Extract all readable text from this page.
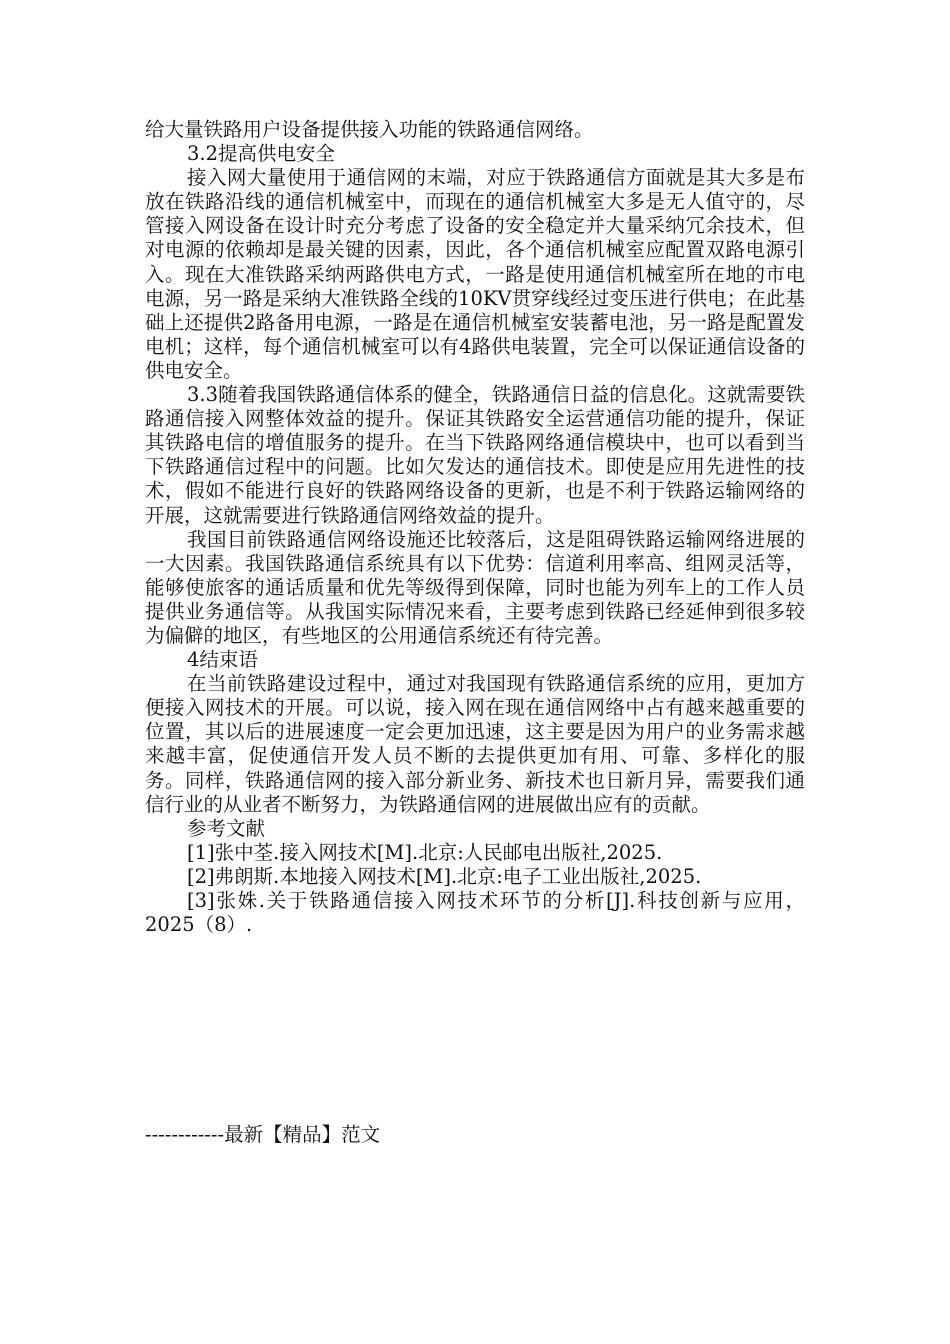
给大量铁路用户设备提供接入功能的铁路通信网络。

3.2提高供电安全

接入网大量使用于通信网的末端，对应于铁路通信方面就是其大多是布放在铁路沿线的通信机械室中，而现在的通信机械室大多是无人值守的，尽管接入网设备在设计时充分考虑了设备的安全稳定并大量采纳冗余技术，但对电源的依赖却是最关键的因素，因此，各个通信机械室应配置双路电源引入。现在大准铁路采纳两路供电方式，一路是使用通信机械室所在地的市电电源，另一路是采纳大准铁路全线的10KV贯穿线经过变压进行供电；在此基础上还提供2路备用电源，一路是在通信机械室安装蓄电池，另一路是配置发电机；这样，每个通信机械室可以有4路供电装置，完全可以保证通信设备的供电安全。

3.3随着我国铁路通信体系的健全，铁路通信日益的信息化。这就需要铁路通信接入网整体效益的提升。保证其铁路安全运营通信功能的提升，保证其铁路电信的增值服务的提升。在当下铁路网络通信模块中，也可以看到当下铁路通信过程中的问题。比如欠发达的通信技术。即使是应用先进性的技术，假如不能进行良好的铁路网络设备的更新，也是不利于铁路运输网络的开展，这就需要进行铁路通信网络效益的提升。

我国目前铁路通信网络设施还比较落后，这是阻碍铁路运输网络进展的一大因素。我国铁路通信系统具有以下优势：信道利用率高、组网灵活等，能够使旅客的通话质量和优先等级得到保障，同时也能为列车上的工作人员提供业务通信等。从我国实际情况来看，主要考虑到铁路已经延伸到很多较为偏僻的地区，有些地区的公用通信系统还有待完善。

4结束语

在当前铁路建设过程中，通过对我国现有铁路通信系统的应用，更加方便接入网技术的开展。可以说，接入网在现在通信网络中占有越来越重要的位置，其以后的进展速度一定会更加迅速，这主要是因为用户的业务需求越来越丰富，促使通信开发人员不断的去提供更加有用、可靠、多样化的服务。同样，铁路通信网的接入部分新业务、新技术也日新月异，需要我们通信行业的从业者不断努力，为铁路通信网的进展做出应有的贡献。

参考文献

[1]张中荃.接入网技术[M].北京:人民邮电出版社,2025.

[2]弗朗斯.本地接入网技术[M].北京:电子工业出版社,2025.

[3]张姝.关于铁路通信接入网技术环节的分析[J].科技创新与应用，2025（8）.

------------最新【精品】范文
